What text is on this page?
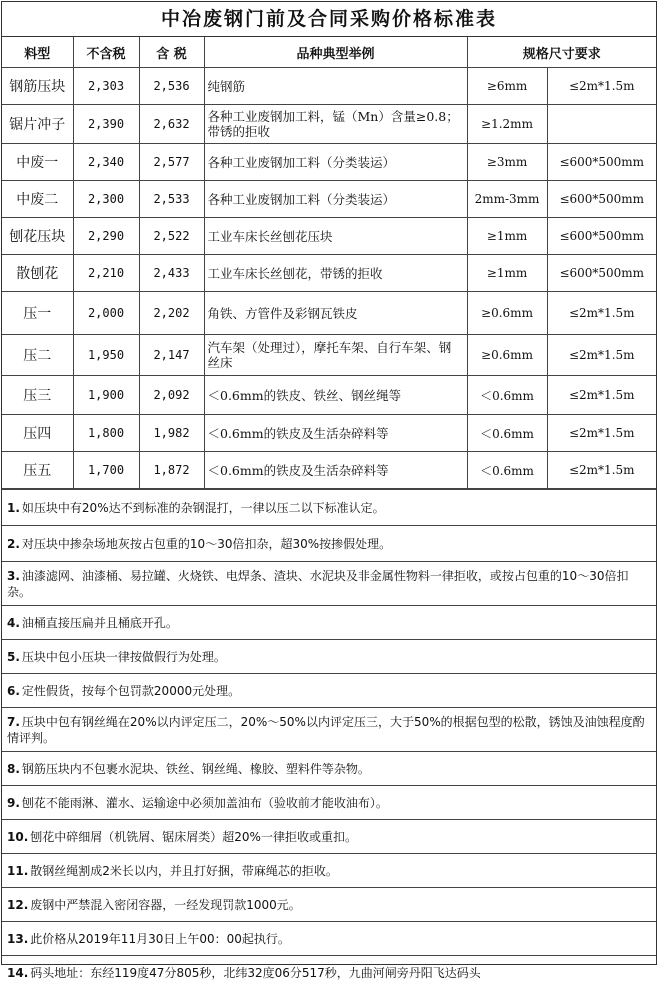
中冶废钢门前及合同采购价格标准表
料型	不含税	含 税	品种典型举例	规格尺寸要求	
钢筋压块	2,303	2,536	纯钢筋	≥6mm	≤2m*1.5m
锯片冲子	2,390	2,632	各种工业废钢加工料，锰（Mn）含量≥0.8；带锈的拒收	≥1.2mm	
中废一	2,340	2,577	各种工业废钢加工料（分类装运）	≥3mm	≤600*500mm
中废二	2,300	2,533	各种工业废钢加工料（分类装运）	2mm-3mm	≤600*500mm
刨花压块	2,290	2,522	工业车床长丝刨花压块	≥1mm	≤600*500mm
散刨花	2,210	2,433	工业车床长丝刨花，带锈的拒收	≥1mm	≤600*500mm
压一	2,000	2,202	角铁、方管件及彩钢瓦铁皮	≥0.6mm	≤2m*1.5m
压二	1,950	2,147	汽车架（处理过），摩托车架、自行车架、钢丝床	≥0.6mm	≤2m*1.5m
压三	1,900	2,092	＜0.6mm的铁皮、铁丝、钢丝绳等	＜0.6mm	≤2m*1.5m
压四	1,800	1,982	＜0.6mm的铁皮及生活杂碎料等	＜0.6mm	≤2m*1.5m
压五	1,700	1,872	＜0.6mm的铁皮及生活杂碎料等	＜0.6mm	≤2m*1.5m
1. 如压块中有20%达不到标准的杂钢混打，一律以压二以下标准认定。
2. 对压块中掺杂场地灰按占包重的10～30倍扣杂，超30%按掺假处理。
3. 油漆滤网、油漆桶、易拉罐、火烧铁、电焊条、渣块、水泥块及非金属性物料一律拒收，或按占包重的10～30倍扣杂。
4. 油桶直接压扁并且桶底开孔。
5. 压块中包小压块一律按做假行为处理。
6. 定性假货，按每个包罚款20000元处理。
7. 压块中包有钢丝绳在20%以内评定压二，20%～50%以内评定压三，大于50%的根据包型的松散，锈蚀及油蚀程度酌情评判。
8. 钢筋压块内不包裹水泥块、铁丝、钢丝绳、橡胶、塑料件等杂物。
9. 刨花不能雨淋、灌水、运输途中必须加盖油布（验收前才能收油布）。
10. 刨花中碎细屑（机铣屑、锯床屑类）超20%一律拒收或重扣。
11. 散钢丝绳割成2米长以内，并且打好捆，带麻绳芯的拒收。
12. 废钢中严禁混入密闭容器，一经发现罚款1000元。
13. 此价格从2019年11月30日上午00：00起执行。
14. 码头地址：东经119度47分805秒，北纬32度06分517秒，九曲河闸旁丹阳飞达码头
